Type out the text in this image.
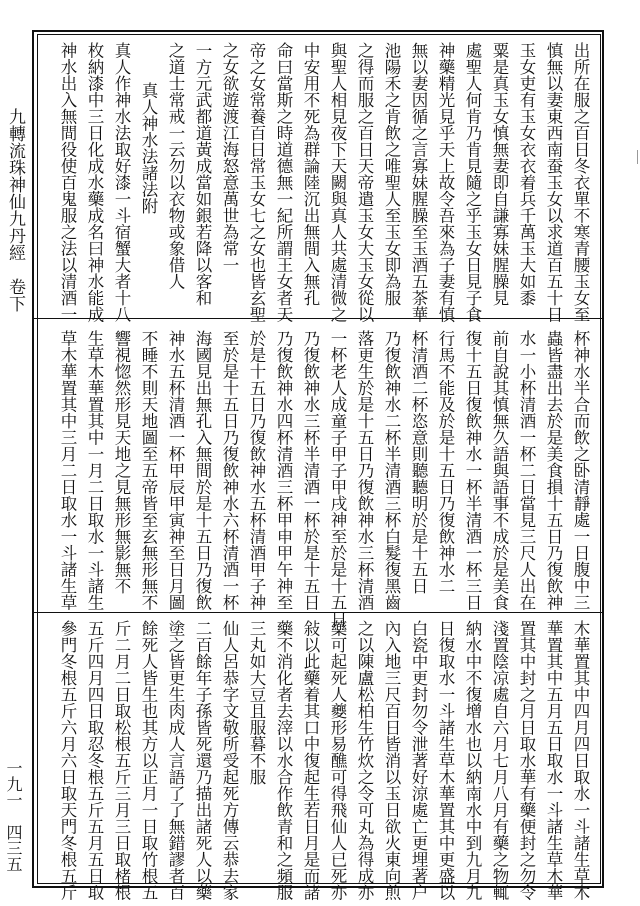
九轉流珠神仙九丹經　卷下
一九一　四三五
出所在服之百日冬衣單不寒青腰玉女至
慎無以妻東西南蚕玉女以求道百五十日
玉女吏有玉女衣衣着兵千萬玉大如黍
粟是真玉女慎無妻即自謙寡妹腥臊見
處聖人何肯乃肯見隨之乎玉女日見子食
神藥精光見乎天上故令吾來為子妻有慎
無以妻因循之言寡妹腥臊至玉酒五茶華
池陽禾之肯飲之唯聖人至玉女即為服
之得而服之百日天帝遣玉女大玉女從以
與聖人相見夜下天闕與真人共處清微之
中安用不死為群論陸沉出無間入無孔
命曰當斯之時道德無一紀所謂王女者天
帝之女常養百日常玉女七之女也皆玄聖
之女欲遊渡江海怒意萬世為常一
一方元武都道黃成當如銀若降以客和
之道士常戒一云勿以衣物或象借人
真人神水法諸法附
真人作神水法取好漆一斗宿蟹大者十八
枚納漆中三日化成水藥成名曰神水能成
神水出入無間役使百鬼服之法以清酒一
杯神水半合而飲之卧清靜處一日腹中三
蟲皆盡出去於是美食損十五日乃復飲神
水一小杯清酒一杯二日當見三尺人出在
前自說其慎無久語與語事不成於是美食
復十五日復飲神水一杯半清酒一杯三日
行馬不能及於是十五日乃復飲神水二
杯清酒二杯恣意則聽聽明於是十五日
乃復飲神水二杯半清酒三杯白髮復黑齒
落更生於是十五日乃復飲神水三杯清酒
一杯老人成童子甲子甲戌神至於是十五日
乃復飲神水三杯半清酒一杯於是十五日
乃復飲神水四杯清酒三杯甲申甲午神至
於是十五日乃復飲神水五杯清酒甲子神
至於是十五日乃復飲神水六杯清酒一杯
海國見出無孔入無間於是十五日乃復飲
神水五杯清酒一杯甲辰甲寅神至日月圖
不睡不則天地圖至五帝皆至玄無形無不
響視惚然形見天地之見無形無影無不
生草木華置其中一月二日取水一斗諸生
草木華置其中三月二日取水一斗諸生草
木華置其中四月四日取水一斗諸生草木
華置其中五月五日取水一斗諸生草木華
置其中封之月日取水華有藥便封之勿令
淺置陰凉處自六月七月八月有藥之物輒
納水中不復增水也以納南水中到九月九
日復取水一斗諸生草木華置其中更盛以
白瓷中更封勿令泄著好涼處亡更埋著户
內入地三尺百日皆消以玉日欲火東向煎
之以陳盧松柏生竹炊之令可丸為得成亦
藥可起死人夔形易醮可得飛仙人已死亦
敍以此藥着其口中復起生若日月是而諸
藥不消化者去滓以水合作飲青和之頻服
三丸如大豆且服暮不服
仙人呂恭字文敬所受起死方傳云恭去家
二百餘年子孫皆死還乃描出諸死人以藥
塗之皆更生肉成人言語了了無錯謬者百
餘死人皆生也其方以正月一日取竹根五
斤二月二日取松根五斤三月三日取楮根
五斤四月四日取忍冬根五斤五月五日取
參門冬根五斤六月六日取天門冬根五斤
